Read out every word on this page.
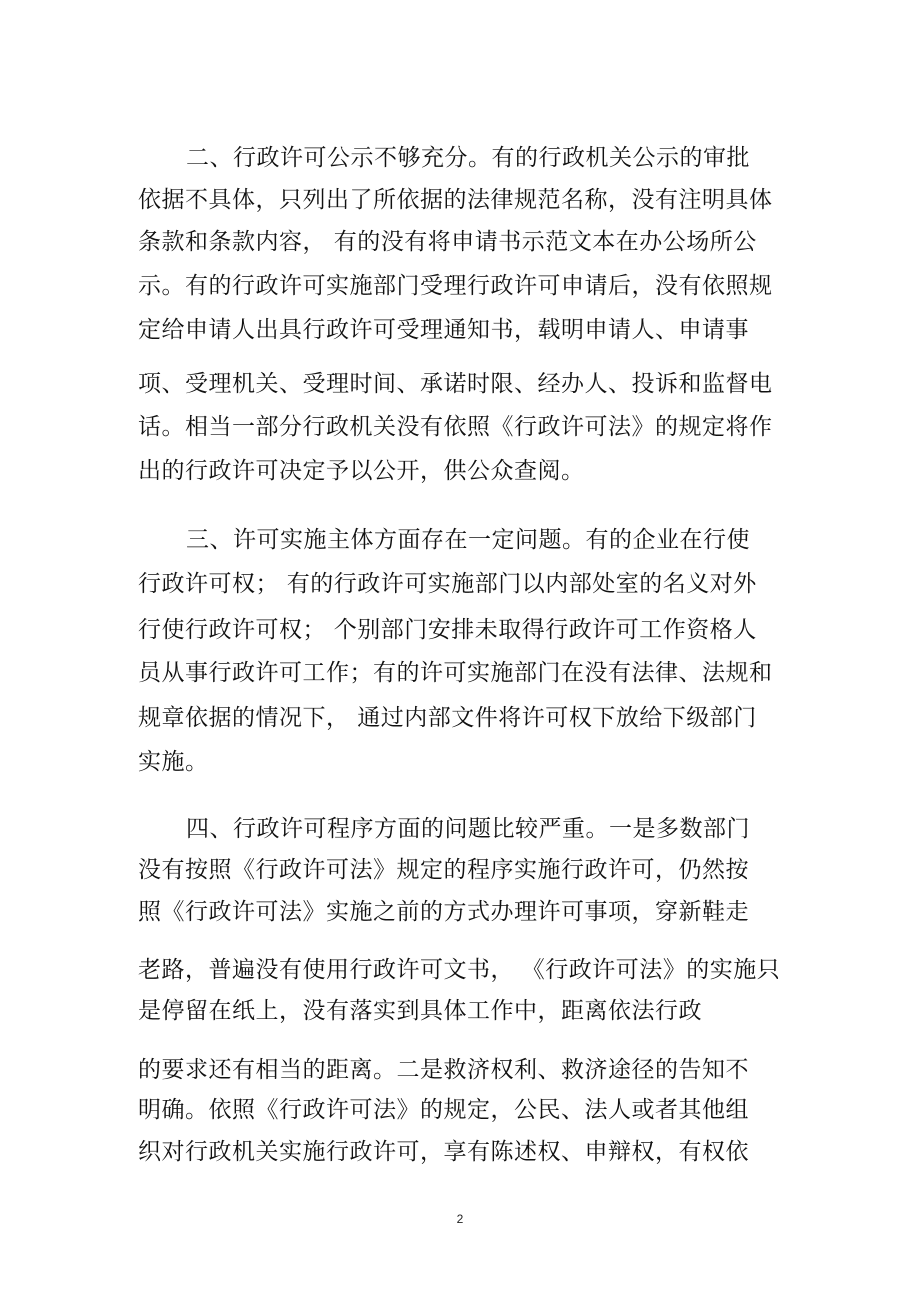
二、行政许可公示不够充分。有的行政机关公示的审批
依据不具体，只列出了所依据的法律规范名称，没有注明具体
条款和条款内容， 有的没有将申请书示范文本在办公场所公
示。有的行政许可实施部门受理行政许可申请后，没有依照规
定给申请人出具行政许可受理通知书，载明申请人、申请事
项、受理机关、受理时间、承诺时限、经办人、投诉和监督电
话。相当一部分行政机关没有依照《行政许可法》的规定将作
出的行政许可决定予以公开，供公众查阅。
三、许可实施主体方面存在一定问题。有的企业在行使
行政许可权； 有的行政许可实施部门以内部处室的名义对外
行使行政许可权； 个别部门安排未取得行政许可工作资格人
员从事行政许可工作；有的许可实施部门在没有法律、法规和
规章依据的情况下， 通过内部文件将许可权下放给下级部门
实施。
四、行政许可程序方面的问题比较严重。一是多数部门
没有按照《行政许可法》规定的程序实施行政许可，仍然按
照《行政许可法》实施之前的方式办理许可事项，穿新鞋走
老路，普遍没有使用行政许可文书， 《行政许可法》的实施只
是停留在纸上，没有落实到具体工作中，距离依法行政
的要求还有相当的距离。二是救济权利、救济途径的告知不
明确。依照《行政许可法》的规定，公民、法人或者其他组
织对行政机关实施行政许可，享有陈述权、申辩权，有权依
2
